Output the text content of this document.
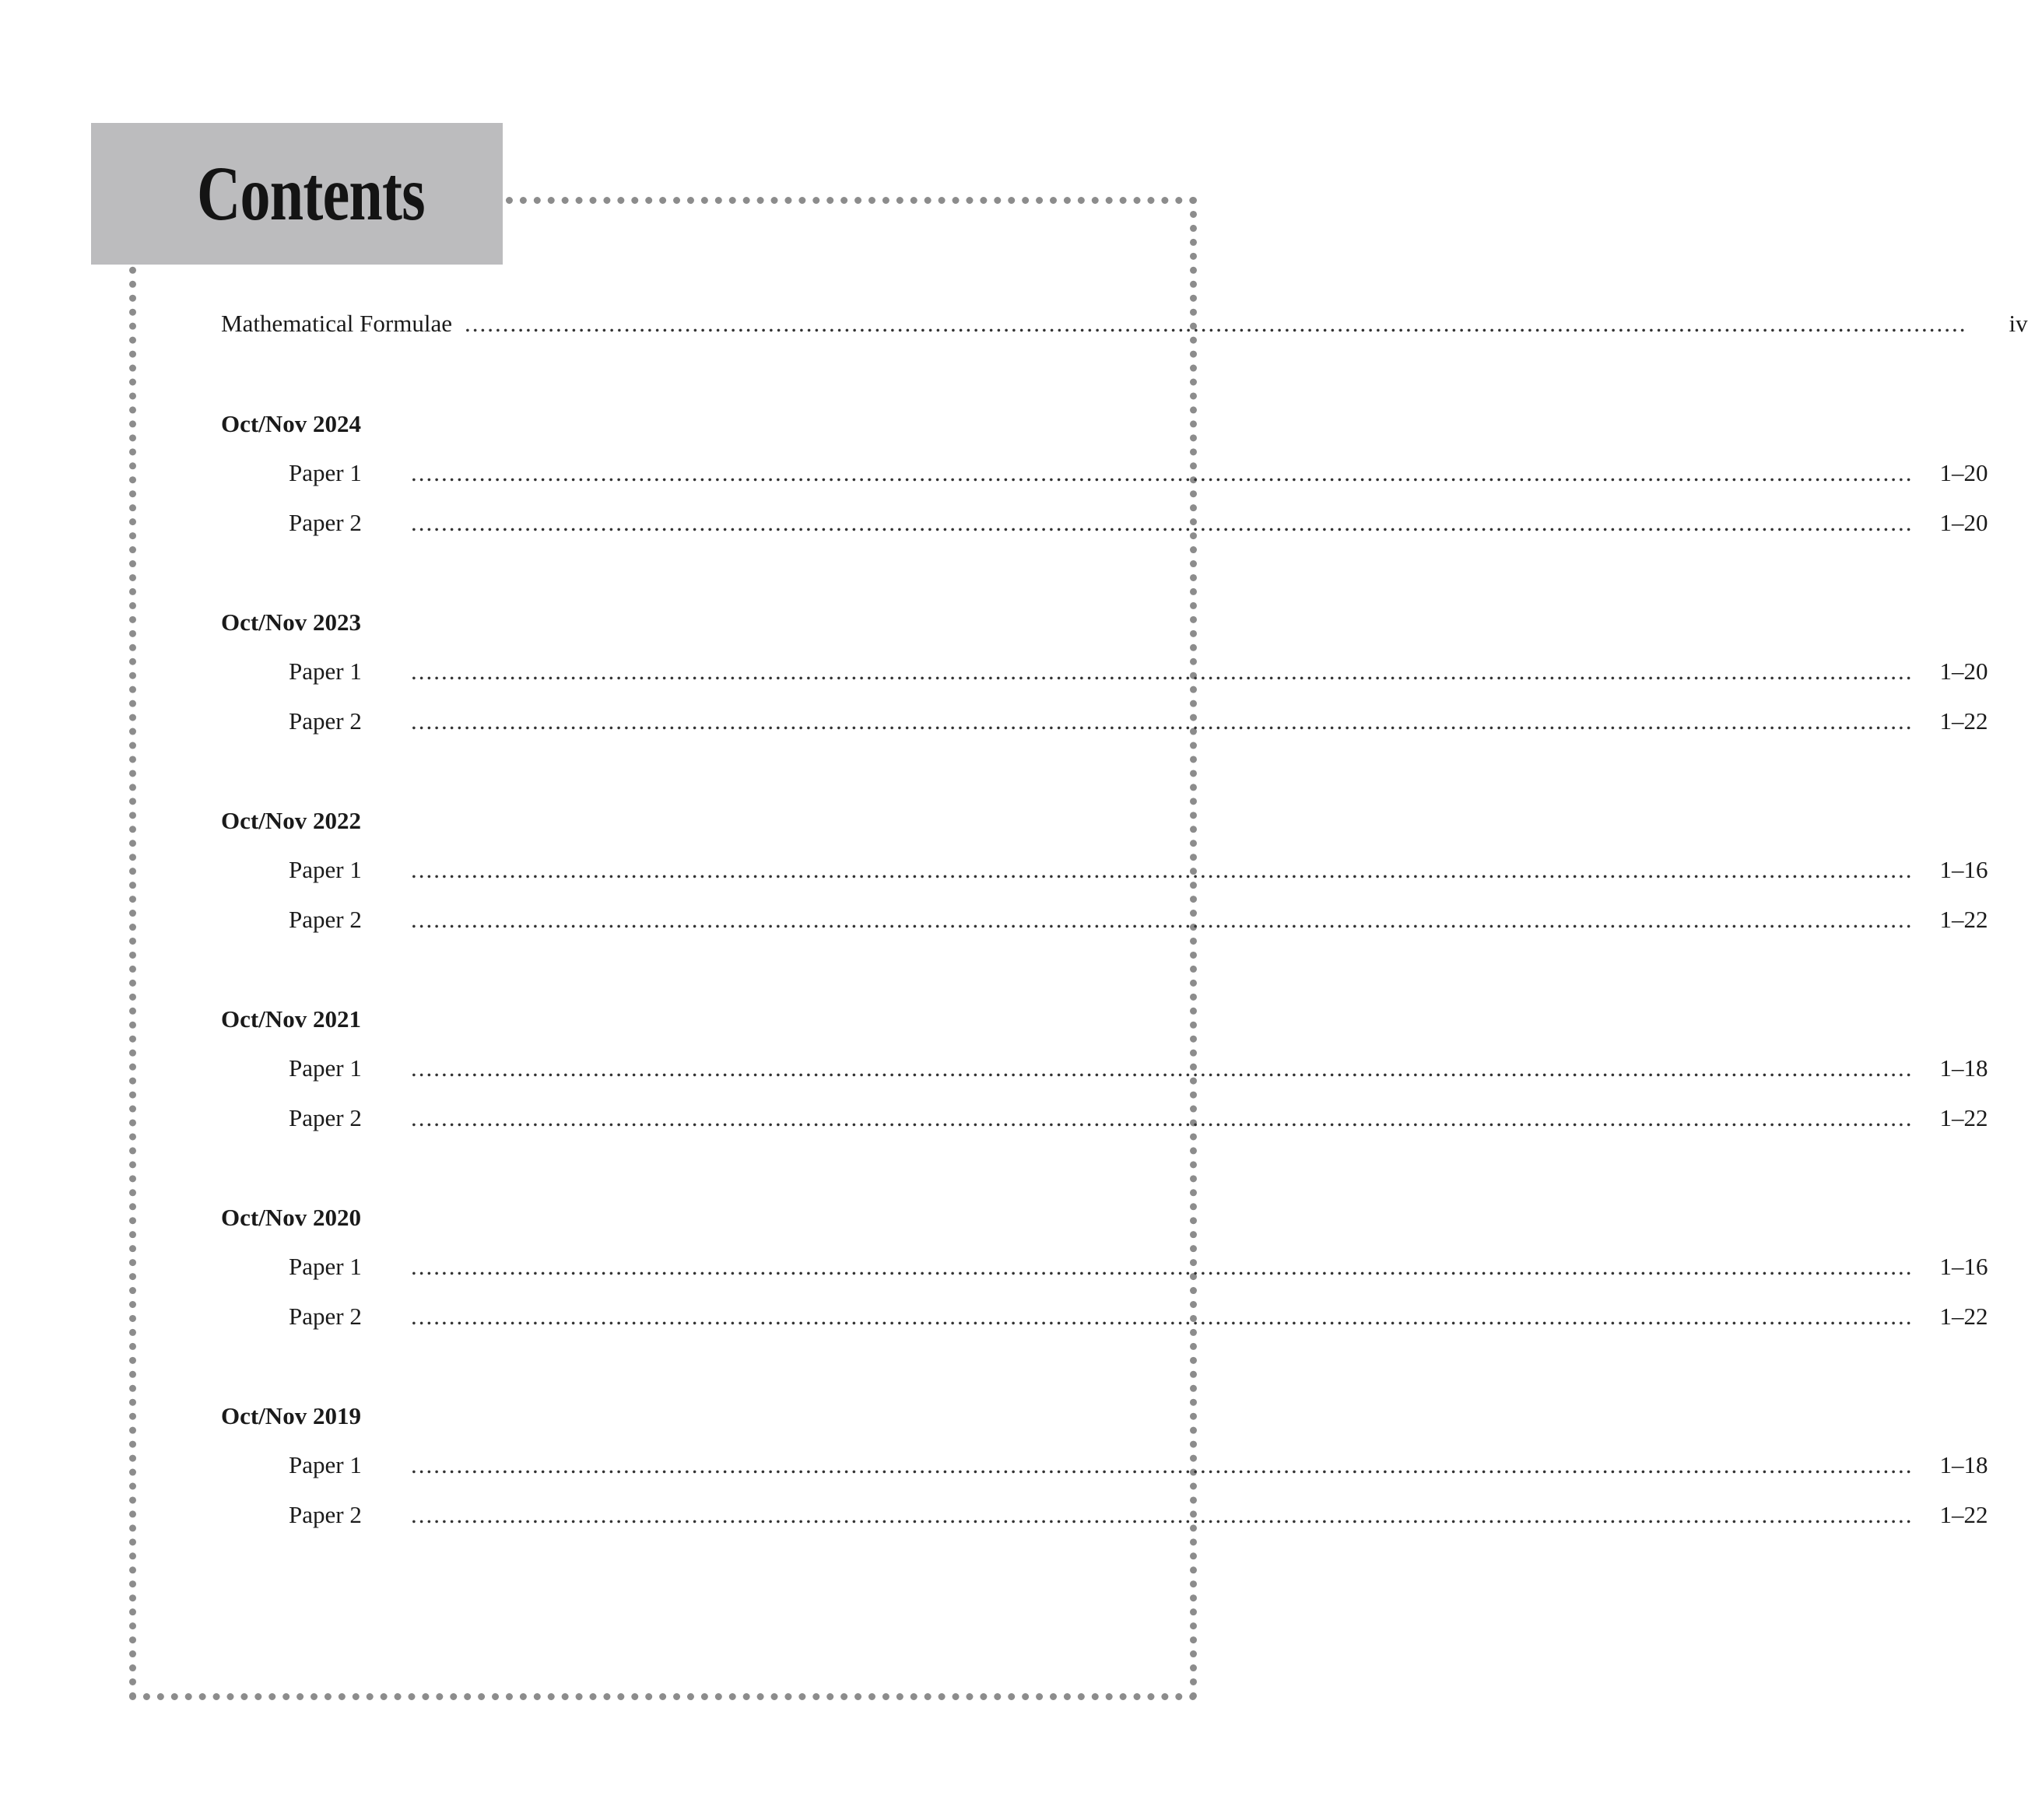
Contents
Mathematical Formulae ...................................................................................................................................................................................................... iv
Oct/Nov 2024
Paper 1	...................................................................................................................................................................................................... 1–20
Paper 2	...................................................................................................................................................................................................... 1–20
Oct/Nov 2023
Paper 1	...................................................................................................................................................................................................... 1–20
Paper 2	...................................................................................................................................................................................................... 1–22
Oct/Nov 2022
Paper 1	...................................................................................................................................................................................................... 1–16
Paper 2	...................................................................................................................................................................................................... 1–22
Oct/Nov 2021
Paper 1	...................................................................................................................................................................................................... 1–18
Paper 2	...................................................................................................................................................................................................... 1–22
Oct/Nov 2020
Paper 1	...................................................................................................................................................................................................... 1–16
Paper 2	...................................................................................................................................................................................................... 1–22
Oct/Nov 2019
Paper 1	...................................................................................................................................................................................................... 1–18
Paper 2	...................................................................................................................................................................................................... 1–22
